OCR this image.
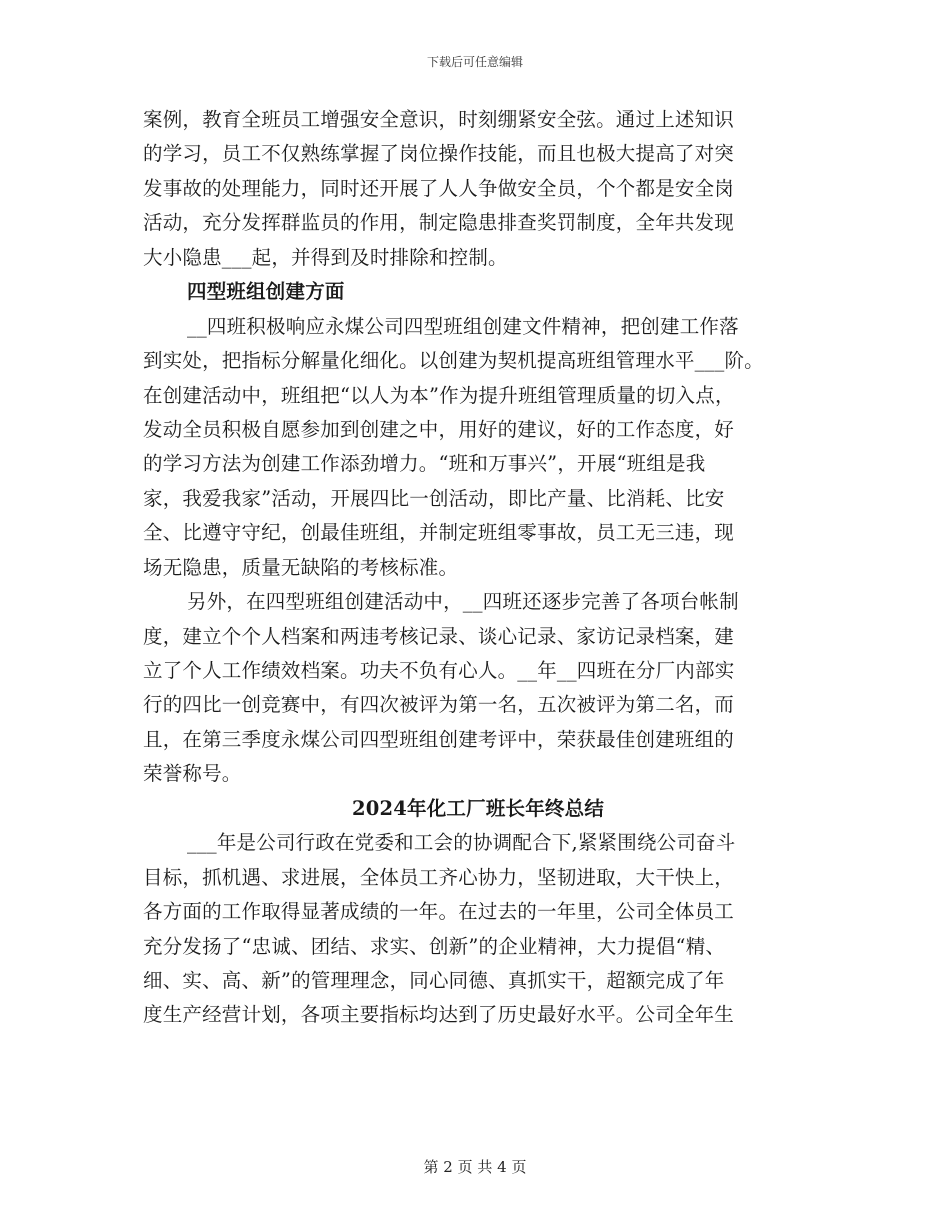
下载后可任意编辑
案例，教育全班员工增强安全意识，时刻绷紧安全弦。通过上述知识
的学习，员工不仅熟练掌握了岗位操作技能，而且也极大提高了对突
发事故的处理能力，同时还开展了人人争做安全员，个个都是安全岗
活动，充分发挥群监员的作用，制定隐患排查奖罚制度，全年共发现
大小隐患___起，并得到及时排除和控制。
四型班组创建方面
__四班积极响应永煤公司四型班组创建文件精神，把创建工作落
到实处，把指标分解量化细化。以创建为契机提高班组管理水平___阶。
在创建活动中，班组把“以人为本”作为提升班组管理质量的切入点，
发动全员积极自愿参加到创建之中，用好的建议，好的工作态度，好
的学习方法为创建工作添劲增力。“班和万事兴”，开展“班组是我
家，我爱我家”活动，开展四比一创活动，即比产量、比消耗、比安
全、比遵守守纪，创最佳班组，并制定班组零事故，员工无三违，现
场无隐患，质量无缺陷的考核标准。
另外，在四型班组创建活动中，__四班还逐步完善了各项台帐制
度，建立个个人档案和两违考核记录、谈心记录、家访记录档案，建
立了个人工作绩效档案。功夫不负有心人。__年__四班在分厂内部实
行的四比一创竞赛中，有四次被评为第一名，五次被评为第二名，而
且，在第三季度永煤公司四型班组创建考评中，荣获最佳创建班组的
荣誉称号。
2024年化工厂班长年终总结
___年是公司行政在党委和工会的协调配合下,紧紧围绕公司奋斗
目标，抓机遇、求进展，全体员工齐心协力，坚韧进取，大干快上，
各方面的工作取得显著成绩的一年。在过去的一年里，公司全体员工
充分发扬了“忠诚、团结、求实、创新”的企业精神，大力提倡“精、
细、实、高、新”的管理理念，同心同德、真抓实干，超额完成了年
度生产经营计划，各项主要指标均达到了历史最好水平。公司全年生
第 2 页 共 4 页
